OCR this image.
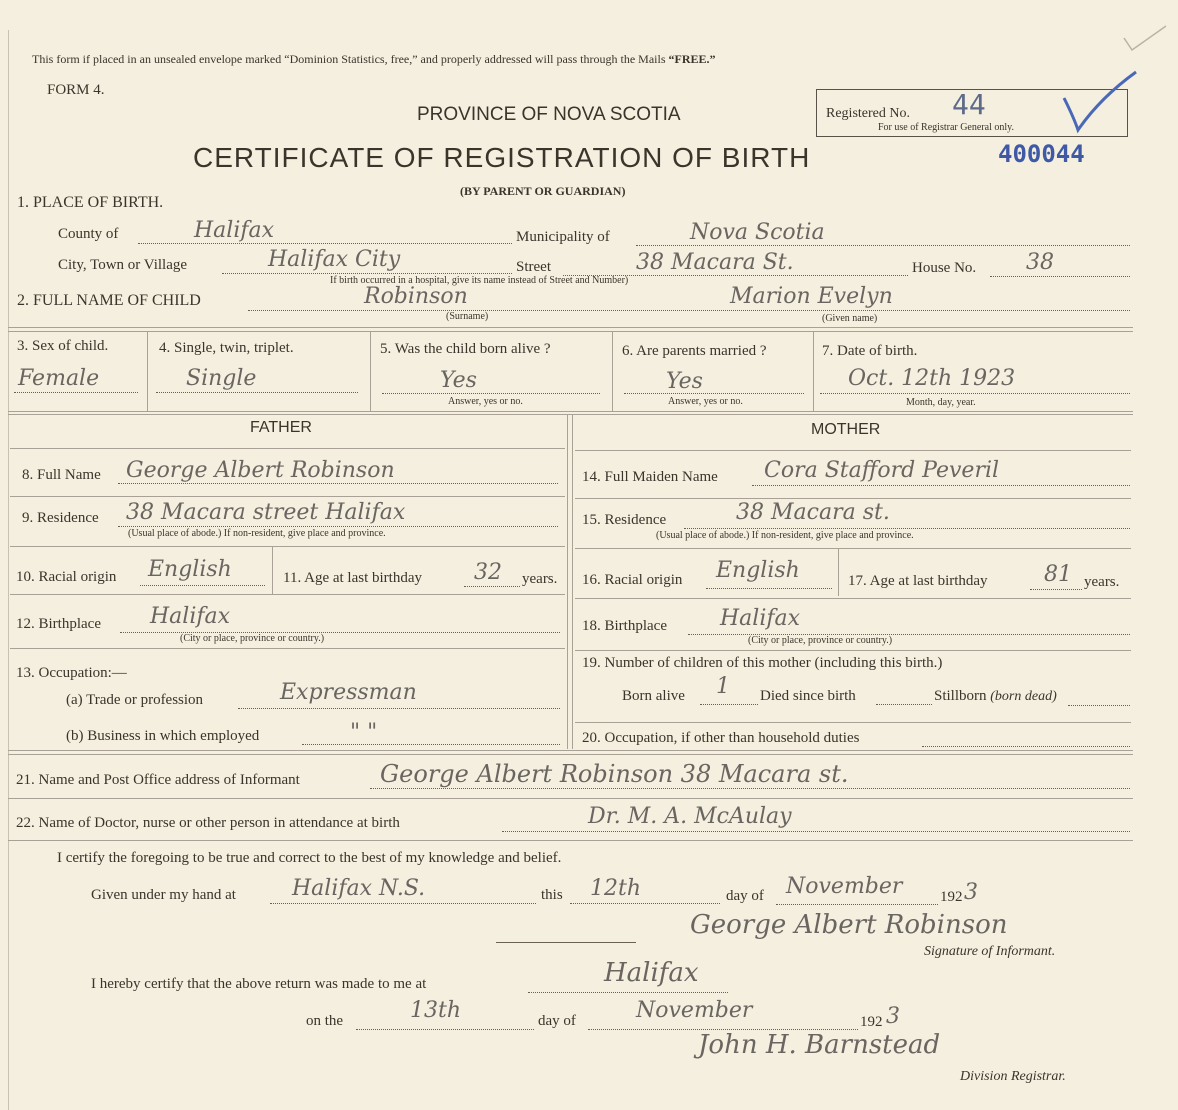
This form if placed in an unsealed envelope marked “Dominion Statistics, free,” and properly addressed will pass through the Mails “FREE.”
FORM 4.
PROVINCE OF NOVA SCOTIA
CERTIFICATE OF REGISTRATION OF BIRTH
(BY PARENT OR GUARDIAN)
Registered No. 44
For use of Registrar General only.
400044
1. PLACE OF BIRTH.
County of	Halifax	Municipality of	Nova Scotia
City, Town or Village	Halifax City	Street	38 Macara St.	House No. 38
If birth occurred in a hospital, give its name instead of Street and Number)
2. FULL NAME OF CHILD	Robinson
(Surname)
Marion Evelyn
(Given name)
3. Sex of child.
Female
4. Single, twin, triplet.
Single
5. Was the child born alive ?
Yes
Answer, yes or no.
6. Are parents married ?
Yes
Answer, yes or no.
7. Date of birth.
Oct. 12th 1923
Month, day, year.
FATHER	MOTHER
8. Full Name George Albert Robinson
9. Residence 38 Macara street Halifax
(Usual place of abode.) If non-resident, give place and province.
10. Racial origin English	11. Age at last birthday 32 years.
12. Birthplace Halifax
(City or place, province or country.)
13. Occupation:—
(a) Trade or profession	Expressman
(b) Business in which employed	" "
14. Full Maiden Name Cora Stafford Peveril
15. Residence	38 Macara st.
(Usual place of abode.) If non-resident, give place and province.
16. Racial origin English	17. Age at last birthday	81 years.
18. Birthplace Halifax
(City or place, province or country.)
19. Number of children of this mother (including this birth.)
Born alive 1 Died since birth	Stillborn (born dead)
20. Occupation, if other than household duties
21. Name and Post Office address of Informant	George Albert Robinson 38 Macara st.
22. Name of Doctor, nurse or other person in attendance at birth	Dr. M. A. McAulay
I certify the foregoing to be true and correct to the best of my knowledge and belief.
Given under my hand at	Halifax N.S.	this 12th	day of November	192 3
George Albert Robinson
Signature of Informant.
I hereby certify that the above return was made to me at	Halifax
on the	13th	day of	November	192 3
John H. Barnstead
Division Registrar.
